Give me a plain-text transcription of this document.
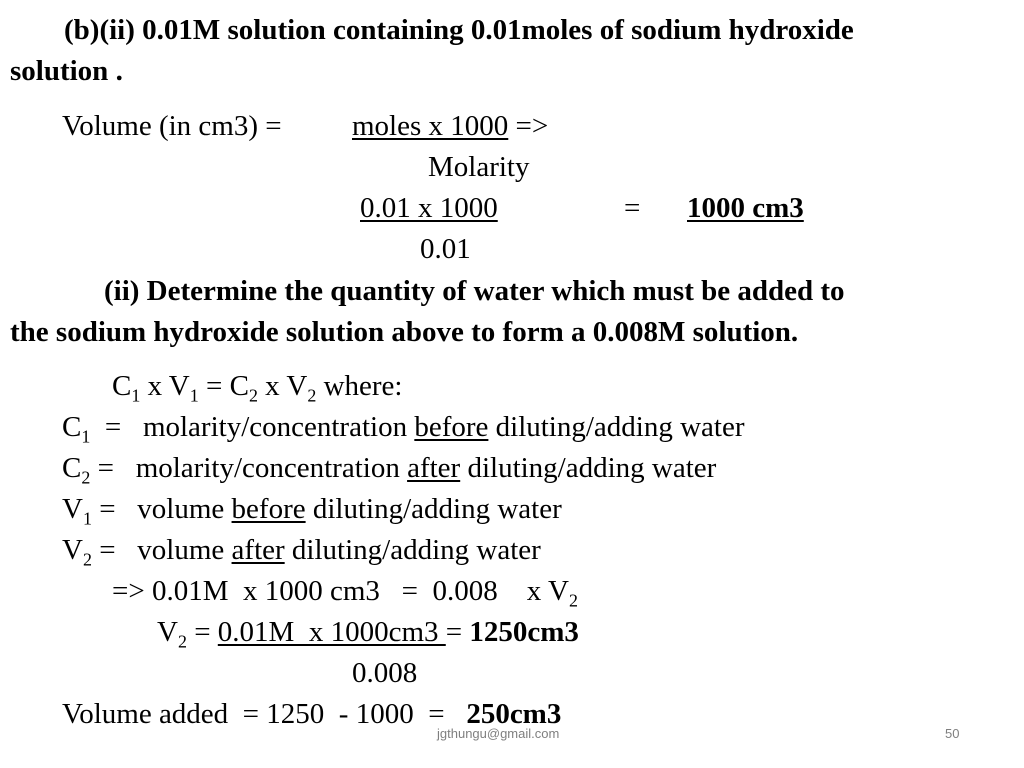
(b)(ii) 0.01M solution containing 0.01moles of sodium hydroxide
solution .
Volume (in cm3) = moles x 1000 =>
Molarity
0.01 x 1000	= 1000 cm3
0.01
(ii) Determine the quantity of water which must be added to
the sodium hydroxide solution above to form a 0.008M solution.
$C_1$ x $V_1 = C_2$ x $V_2$ where:
$C_1$  =   molarity/concentration before diluting/adding water
$C_2$ =   molarity/concentration after diluting/adding water
$V_1$ =   volume before diluting/adding water
$V_2$ =   volume after diluting/adding water
=> 0.01M  x 1000 cm3   =  0.008    x $V_2$
$V_2 = 0.01M$  x 1000cm3 = 1250cm3
0.008
Volume added  = 1250  - 1000  =   250cm3
jgthungu@gmail.com	50
